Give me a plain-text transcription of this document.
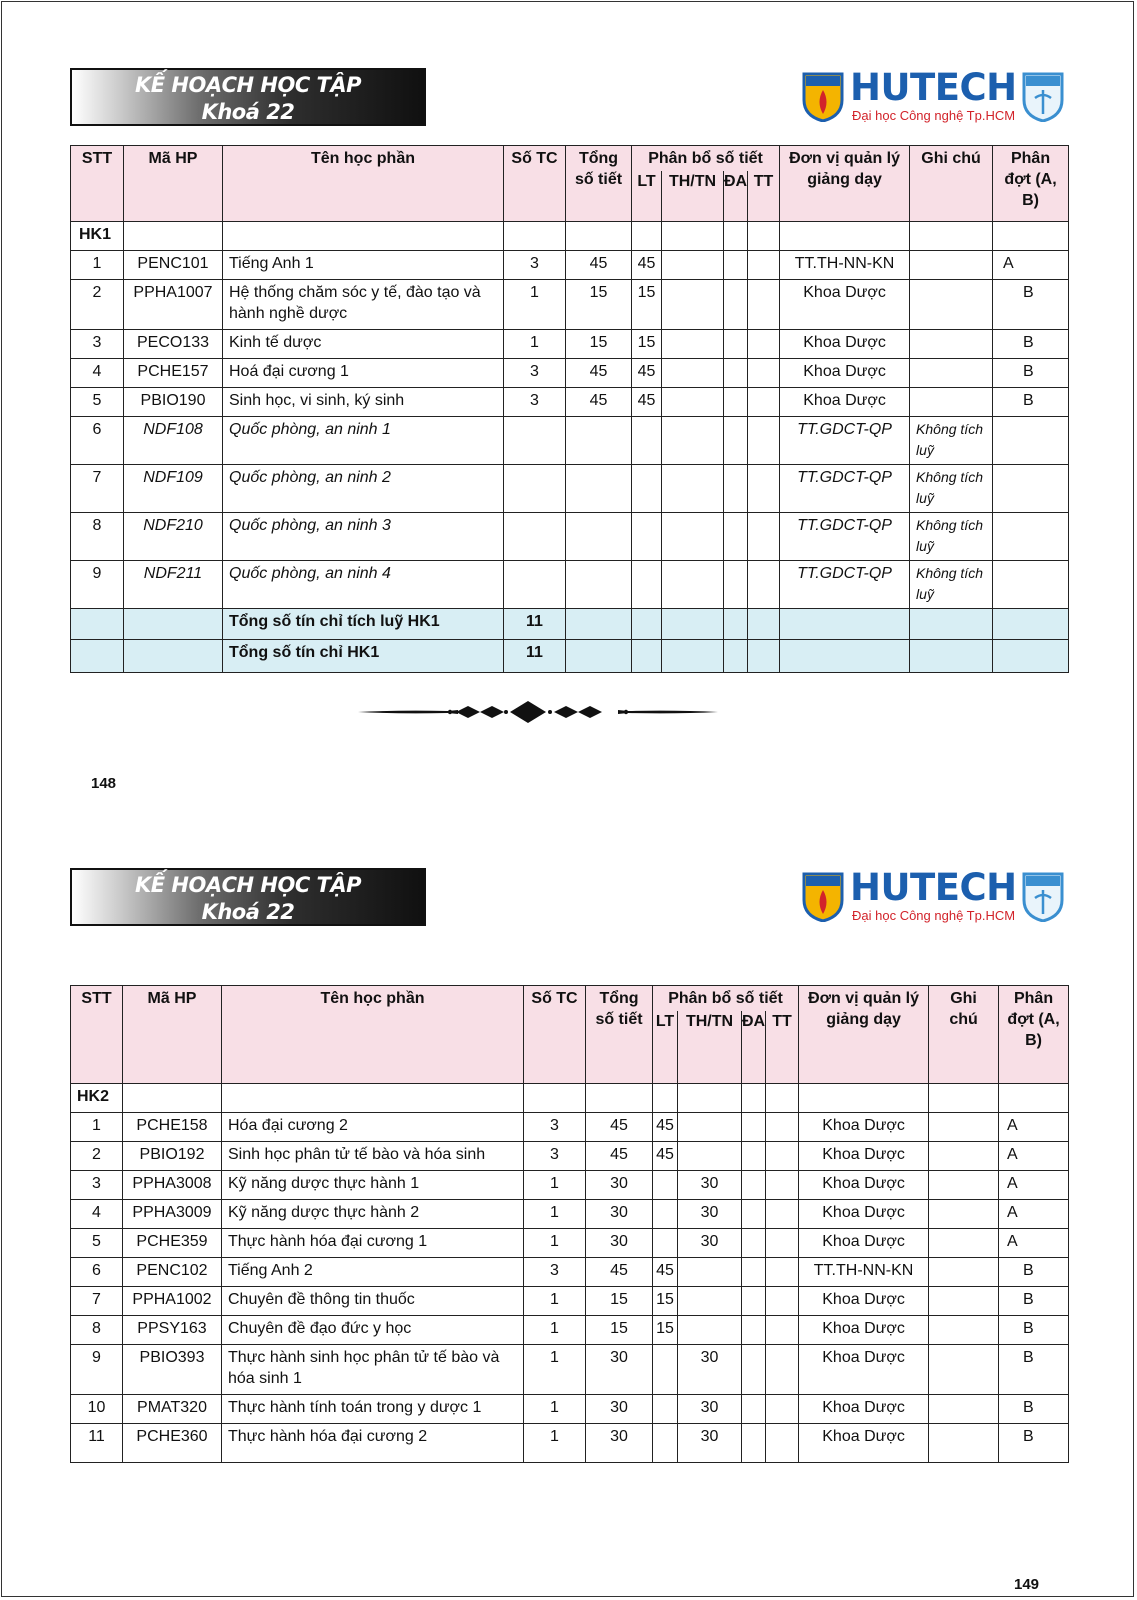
KẾ HOẠCH HỌC TẬP
Khoá 22
HUTECH
Đại học Công nghệ Tp.HCM
STT	Mã HP	Tên học phần	Số TC	Tổng số tiết	Phân bổ số tiết				Đơn vị quản lý giảng dạy	Ghi chú	Phân đợt (A, B)
					LT	TH/TN	ĐA	TT			
HK1											
1	PENC101	Tiếng Anh 1	3	45	45				TT.TH-NN-KN		A
2	PPHA1007	Hệ thống chăm sóc y tế, đào tạo và hành nghề dược	1	15	15				Khoa Dược		B
3	PECO133	Kinh tế dược	1	15	15				Khoa Dược		B
4	PCHE157	Hoá đại cương 1	3	45	45				Khoa Dược		B
5	PBIO190	Sinh học, vi sinh, ký sinh	3	45	45				Khoa Dược		B
6	NDF108	Quốc phòng, an ninh 1							TT.GDCT-QP	Không tích luỹ	
7	NDF109	Quốc phòng, an ninh 2							TT.GDCT-QP	Không tích luỹ	
8	NDF210	Quốc phòng, an ninh 3							TT.GDCT-QP	Không tích luỹ	
9	NDF211	Quốc phòng, an ninh 4							TT.GDCT-QP	Không tích luỹ	
		Tổng số tín chỉ tích luỹ HK1	11								
		Tổng số tín chỉ HK1	11								
148
KẾ HOẠCH HỌC TẬP
Khoá 22
HUTECH
Đại học Công nghệ Tp.HCM
STT	Mã HP	Tên học phần	Số TC	Tổng số tiết	Phân bổ số tiết				Đơn vị quản lý giảng dạy	Ghi chú	Phân đợt (A, B)
					LT	TH/TN	ĐA	TT			
HK2											
1	PCHE158	Hóa đại cương 2	3	45	45				Khoa Dược		A
2	PBIO192	Sinh học phân tử tế bào và hóa sinh	3	45	45				Khoa Dược		A
3	PPHA3008	Kỹ năng dược thực hành 1	1	30		30			Khoa Dược		A
4	PPHA3009	Kỹ năng dược thực hành 2	1	30		30			Khoa Dược		A
5	PCHE359	Thực hành hóa đại cương 1	1	30		30			Khoa Dược		A
6	PENC102	Tiếng Anh 2	3	45	45				TT.TH-NN-KN		B
7	PPHA1002	Chuyên đề thông tin thuốc	1	15	15				Khoa Dược		B
8	PPSY163	Chuyên đề đạo đức y học	1	15	15				Khoa Dược		B
9	PBIO393	Thực hành sinh học phân tử tế bào và hóa sinh 1	1	30		30			Khoa Dược		B
10	PMAT320	Thực hành tính toán trong y dược 1	1	30		30			Khoa Dược		B
11	PCHE360	Thực hành hóa đại cương 2	1	30		30			Khoa Dược		B
149
